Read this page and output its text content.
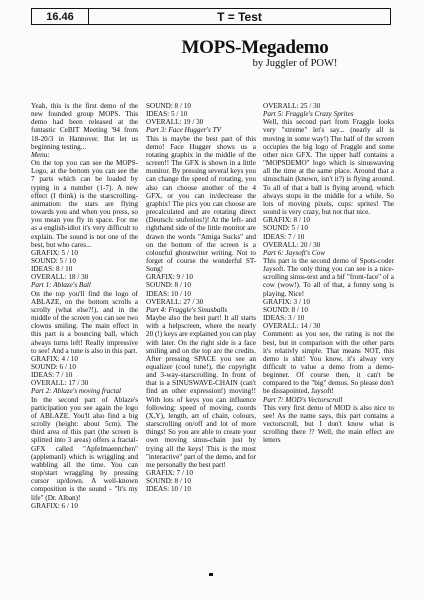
16.46	T = Test
MOPS-Megademo
by Juggler of POW!

Yeah, this is the first demo of the new founded group MOPS. This demo had been released at the funtastic CeBIT Meeting '94 from 18-20/3 in Hannover. But let us beginning testing...

Menu:

On the top you can see the MOPS-Logo, at the bottom you can see the 7 parts which can be loaded by typing in a number (1-7). A new effect (I think) is the starscrolling-animation: the stars are flying towards you and when you press, so you mean you fly in space. For me as a english-idiot it's very difficult to explain. The sound is not one of the best, but who cares...

GRAFIX: 5 / 10

SOUND: 5 / 10

IDEAS: 8 / 10

OVERALL: 18 / 30

Part 1: Ablaze's Ball

On the top you'll find the logo of ABLAZE, on the bottom scrolls a scrolly (what else?!), and in the middle of the screen you can see two clowns smiling. The main effect in this part is a bouncing ball, which always turns left! Really impressive to see! And a tune is also in this part.

GRAFIX: 4 / 10

SOUND: 6 / 10

IDEAS: 7 / 10

OVERALL: 17 / 30

Part 2: Ablaze's moving fractal

In the second part of Ablaze's participation you see again the logo of ABLAZE. You'll also find a big scrolly (height: about 5cm). The third area of this part (the screen is splitted into 3 areas) offers a fractal-GFX called "Apfelmaennchen" (applemanl) which is wriggling and wabbling all the time. You can stop/start wraggling by pressing cursor up/down. A well-known composition is the sound - "It's my life" (Dr. Alban)!

GRAFIX: 6 / 10

SOUND: 8 / 10

IDEAS: 5 / 10

OVERALL: 19 / 30

Part 3: Face Hugger's TV

This is maybe the best part of this demo! Face Hugger shows us a rotating graphix in the middle of the screen!! The GFX is shown in a little monitor. By pressing several keys you can change the speed of rotating, you also can choose another of the 4 GFX, or you can in/decrease the graphix! The pics you can choose are precalculated and are rotating direct (Deutsch: stufenlos!)! At the left- and righthand side of the little monitor are drawn the words "Amiga Sucks" and on the bottom of the screen is a colourful ghostwriter writing. Not to forget of course the wonderful ST-Song!

GRAFIX: 9 / 10

SOUND: 8 / 10

IDEAS: 10 / 10

OVERALL: 27 / 30

Part 4: Fraggle's Sinusballs

Maybe also the best part! It all starts with a helpscreen, where the nearly 20 (!) keys are explained you can play with later. On the right side is a face smiling and on the top are the credits. After pressing SPACE you see an equalizer (cool tune!), the copyright and 3-way-starscrolling. In front of that is a SINUSWAVE-CHAIN (can't find an other expression!) moving!! With lots of keys you can influence following: speed of moving, coords (X,Y), length, art of chain, colours, starscrolling on/off and lot of more things! So you are able to create your own moving sinus-chain just by trying all the keys! This is the most "interactive" part of the demo, and for me personally the best part!

GRAFIX: 7 / 10

SOUND: 8 / 10

IDEAS: 10 / 10

OVERALL: 25 / 30

Part 5: Fraggle's Crazy Sprites

Well, this second part from Fraggle looks very "xtreme" let's say... (nearly all is moving in some way!) The half of the screen occupies the big logo of Fraggle and some other nice GFX. The upper half contains a "MOPSDEMO" logo which is sinuswaving all the time at the same place. Around that a sinuschain (known, isn't it?) is flying around. To all of that a ball is flying around, which always stops in the middle for a while. So lots of moving pixels, cups: sprites! The sound is very crazy, but not that nice.

GRAFIX: 8 / 10

SOUND: 5 / 10

IDEAS: 7 / 10

OVERALL: 20 / 30

Part 6: Jaysoft's Cow

This part is the second demo of Spots-coder Jaysoft. The only thing you can see is a nice-scrolling sinus-text and a bif "front-face" of a cow (wow!). To all of that, a funny song is playing. Nice!

GRAFIX: 3 / 10

SOUND: 8 / 10

IDEAS: 3 / 10

OVERALL: 14 / 30

Comment: as you see, the rating is not the best, but in comparison with the other parts it's relativly simple. That means NOT, this demo is shit! You know, it's alway very difficult to value a demo from a demo-beginner. Of course then, it can't be compared to the "big" demos. So please don't be dissapointed, Jaysoft!

Part 7: MOD's Vectorscroll

This very first demo of MOD is also nice to see! As the name says, this part contains a vectorscroll, but I don't know what is scrolling there !? Well, the main effect are letters
